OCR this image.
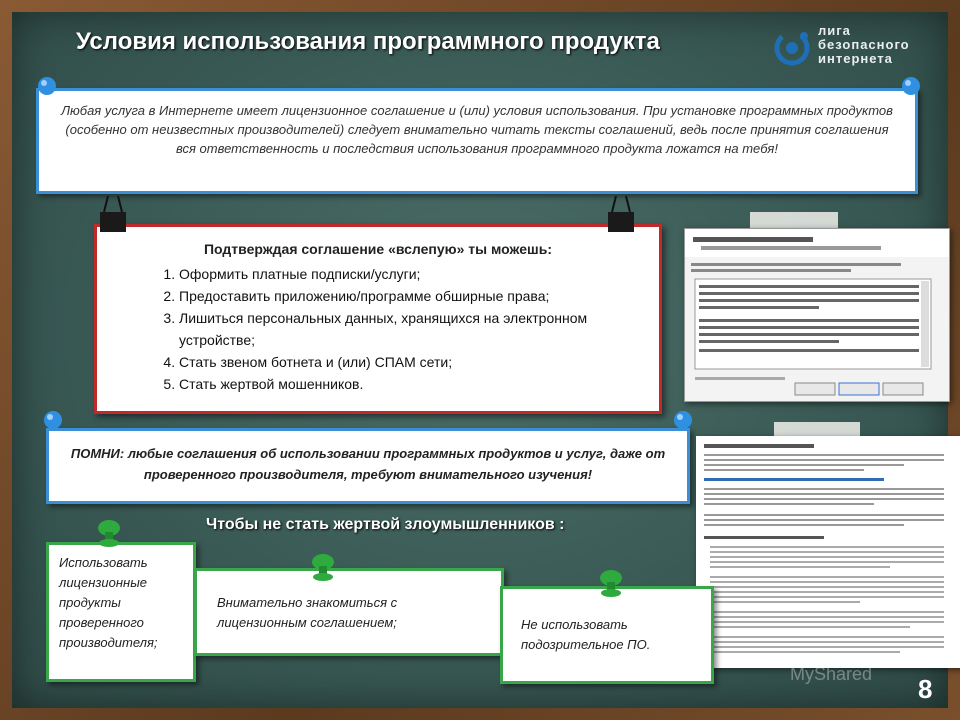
Условия использования программного продукта	лига
безопасного
интернета

Любая услуга в Интернете имеет лицензионное соглашение и (или) условия использования. При установке программных продуктов (особенно от неизвестных производителей) следует внимательно читать тексты соглашений, ведь после принятия соглашения вся ответственность и последствия использования программного продукта ложатся на тебя!

Подтверждая соглашение «вслепую» ты можешь:
1. Оформить платные подписки/услуги;
2. Предоставить приложению/программе обширные права;
3. Лишиться персональных данных, хранящихся на электронном устройстве;
4. Стать звеном ботнета и (или) СПАМ сети;
5. Стать жертвой мошенников.

ПОМНИ: любые соглашения об использовании программных продуктов и услуг, даже от проверенного производителя, требуют внимательного изучения!

Чтобы не стать жертвой злоумышленников :

Использовать лицензионные продукты проверенного производителя;

Внимательно знакомиться с лицензионным соглашением;	Не использовать подозрительное ПО.

MyShared 8
